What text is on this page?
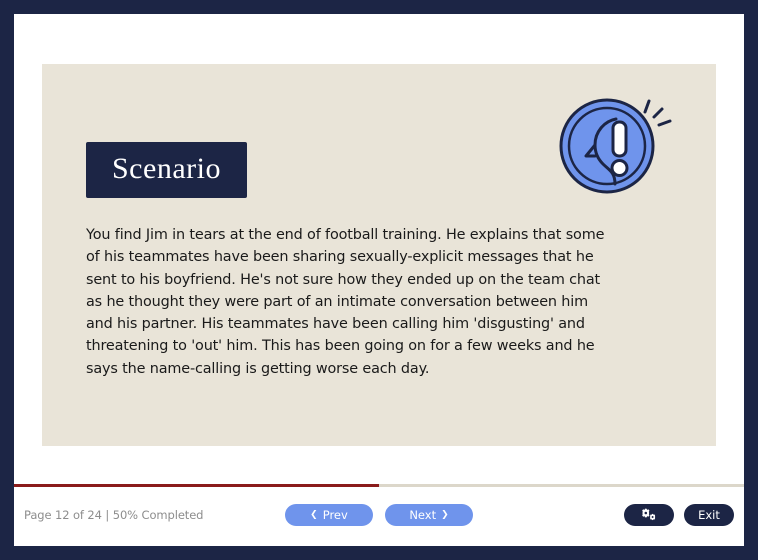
Scenario
You find Jim in tears at the end of football training. He explains that some of his teammates have been sharing sexually-explicit messages that he sent to his boyfriend. He's not sure how they ended up on the team chat as he thought they were part of an intimate conversation between him and his partner. His teammates have been calling him 'disgusting' and threatening to 'out' him. This has been going on for a few weeks and he says the name-calling is getting worse each day.
Page 12 of 24 | 50% Completed	❮ Prev	Next ❯	Exit
